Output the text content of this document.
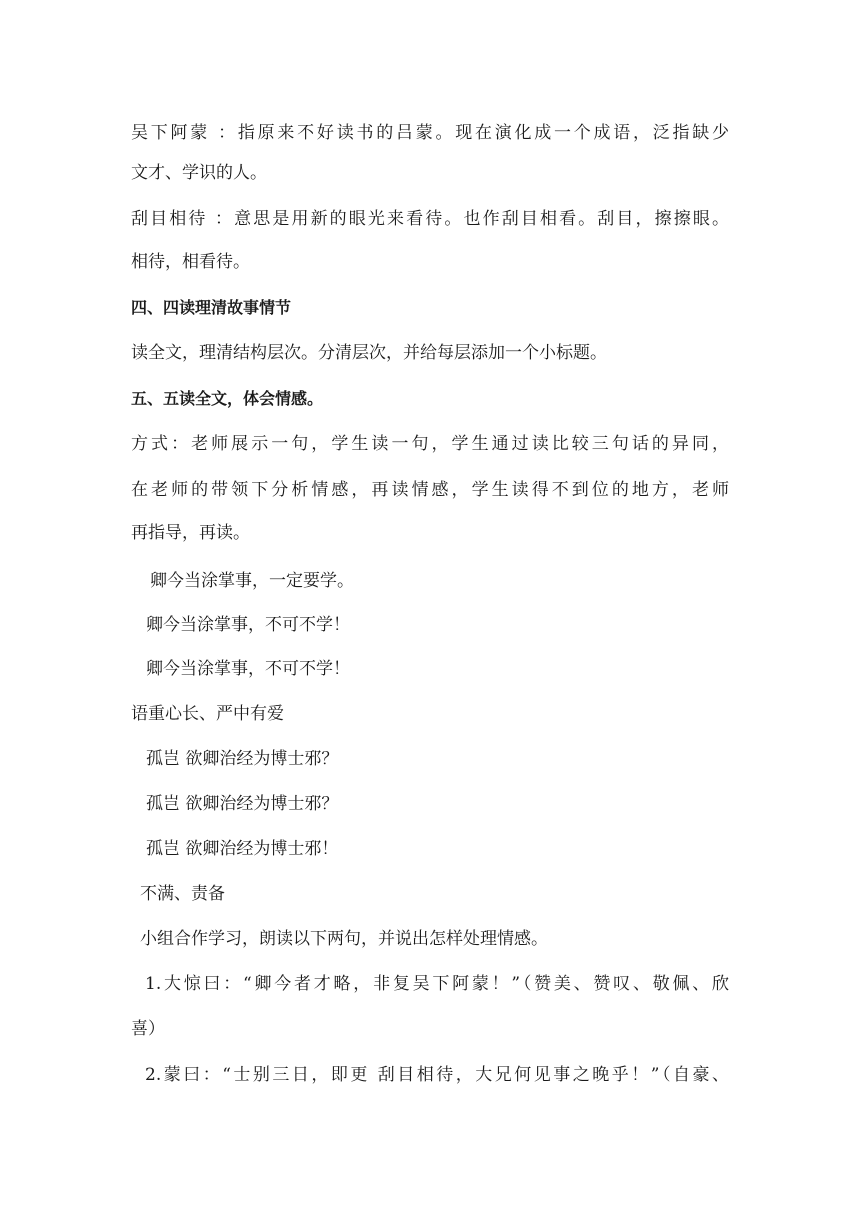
吴下阿蒙 ：指原来不好读书的吕蒙。现在演化成一个成语，泛指缺少
文才、学识的人。
刮目相待 ：意思是用新的眼光来看待。也作刮目相看。刮目，擦擦眼。
相待，相看待。
四、四读理清故事情节
读全文，理清结构层次。分清层次，并给每层添加一个小标题。
五、五读全文，体会情感。
方式：老师展示一句，学生读一句，学生通过读比较三句话的异同，
在老师的带领下分析情感，再读情感，学生读得不到位的地方，老师
再指导，再读。
卿今当涂掌事，一定要学。
卿今当涂掌事，不可不学！
卿今当涂掌事，不可不学！
语重心长、严中有爱
孤岂 欲卿治经为博士邪？
孤岂 欲卿治经为博士邪？
孤岂 欲卿治经为博士邪！
不满、责备
小组合作学习，朗读以下两句，并说出怎样处理情感。
1.大惊曰：“卿今者才略，非复吴下阿蒙！”（赞美、赞叹、敬佩、欣
喜）
2.蒙曰：“士别三日，即更 刮目相待，大兄何见事之晚乎！”（自豪、
